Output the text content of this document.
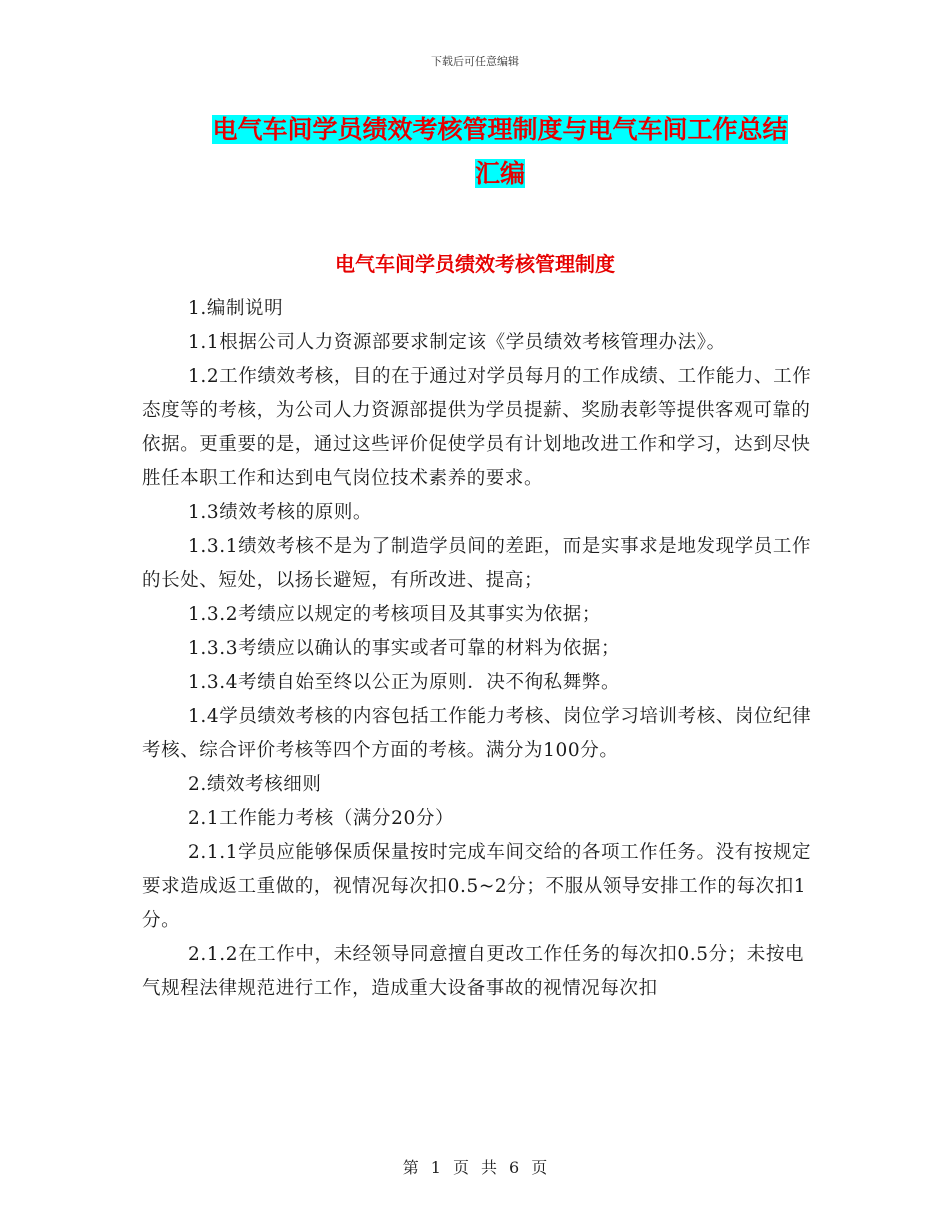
下载后可任意编辑
电气车间学员绩效考核管理制度与电气车间工作总结
汇编
电气车间学员绩效考核管理制度

1.编制说明

1.1根据公司人力资源部要求制定该《学员绩效考核管理办法》。

1.2工作绩效考核，目的在于通过对学员每月的工作成绩、工作能力、工作态度等的考核，为公司人力资源部提供为学员提薪、奖励表彰等提供客观可靠的依据。更重要的是，通过这些评价促使学员有计划地改进工作和学习，达到尽快胜任本职工作和达到电气岗位技术素养的要求。

1.3绩效考核的原则。

1.3.1绩效考核不是为了制造学员间的差距，而是实事求是地发现学员工作的长处、短处，以扬长避短，有所改进、提高；

1.3.2考绩应以规定的考核项目及其事实为依据；

1.3.3考绩应以确认的事实或者可靠的材料为依据；

1.3.4考绩自始至终以公正为原则．决不徇私舞弊。

1.4学员绩效考核的内容包括工作能力考核、岗位学习培训考核、岗位纪律考核、综合评价考核等四个方面的考核。满分为100分。

2.绩效考核细则

2.1工作能力考核（满分20分）

2.1.1学员应能够保质保量按时完成车间交给的各项工作任务。没有按规定要求造成返工重做的，视情况每次扣0.5~2分；不服从领导安排工作的每次扣1分。

2.1.2在工作中，未经领导同意擅自更改工作任务的每次扣0.5分；未按电气规程法律规范进行工作，造成重大设备事故的视情况每次扣

第 1 页 共 6 页
